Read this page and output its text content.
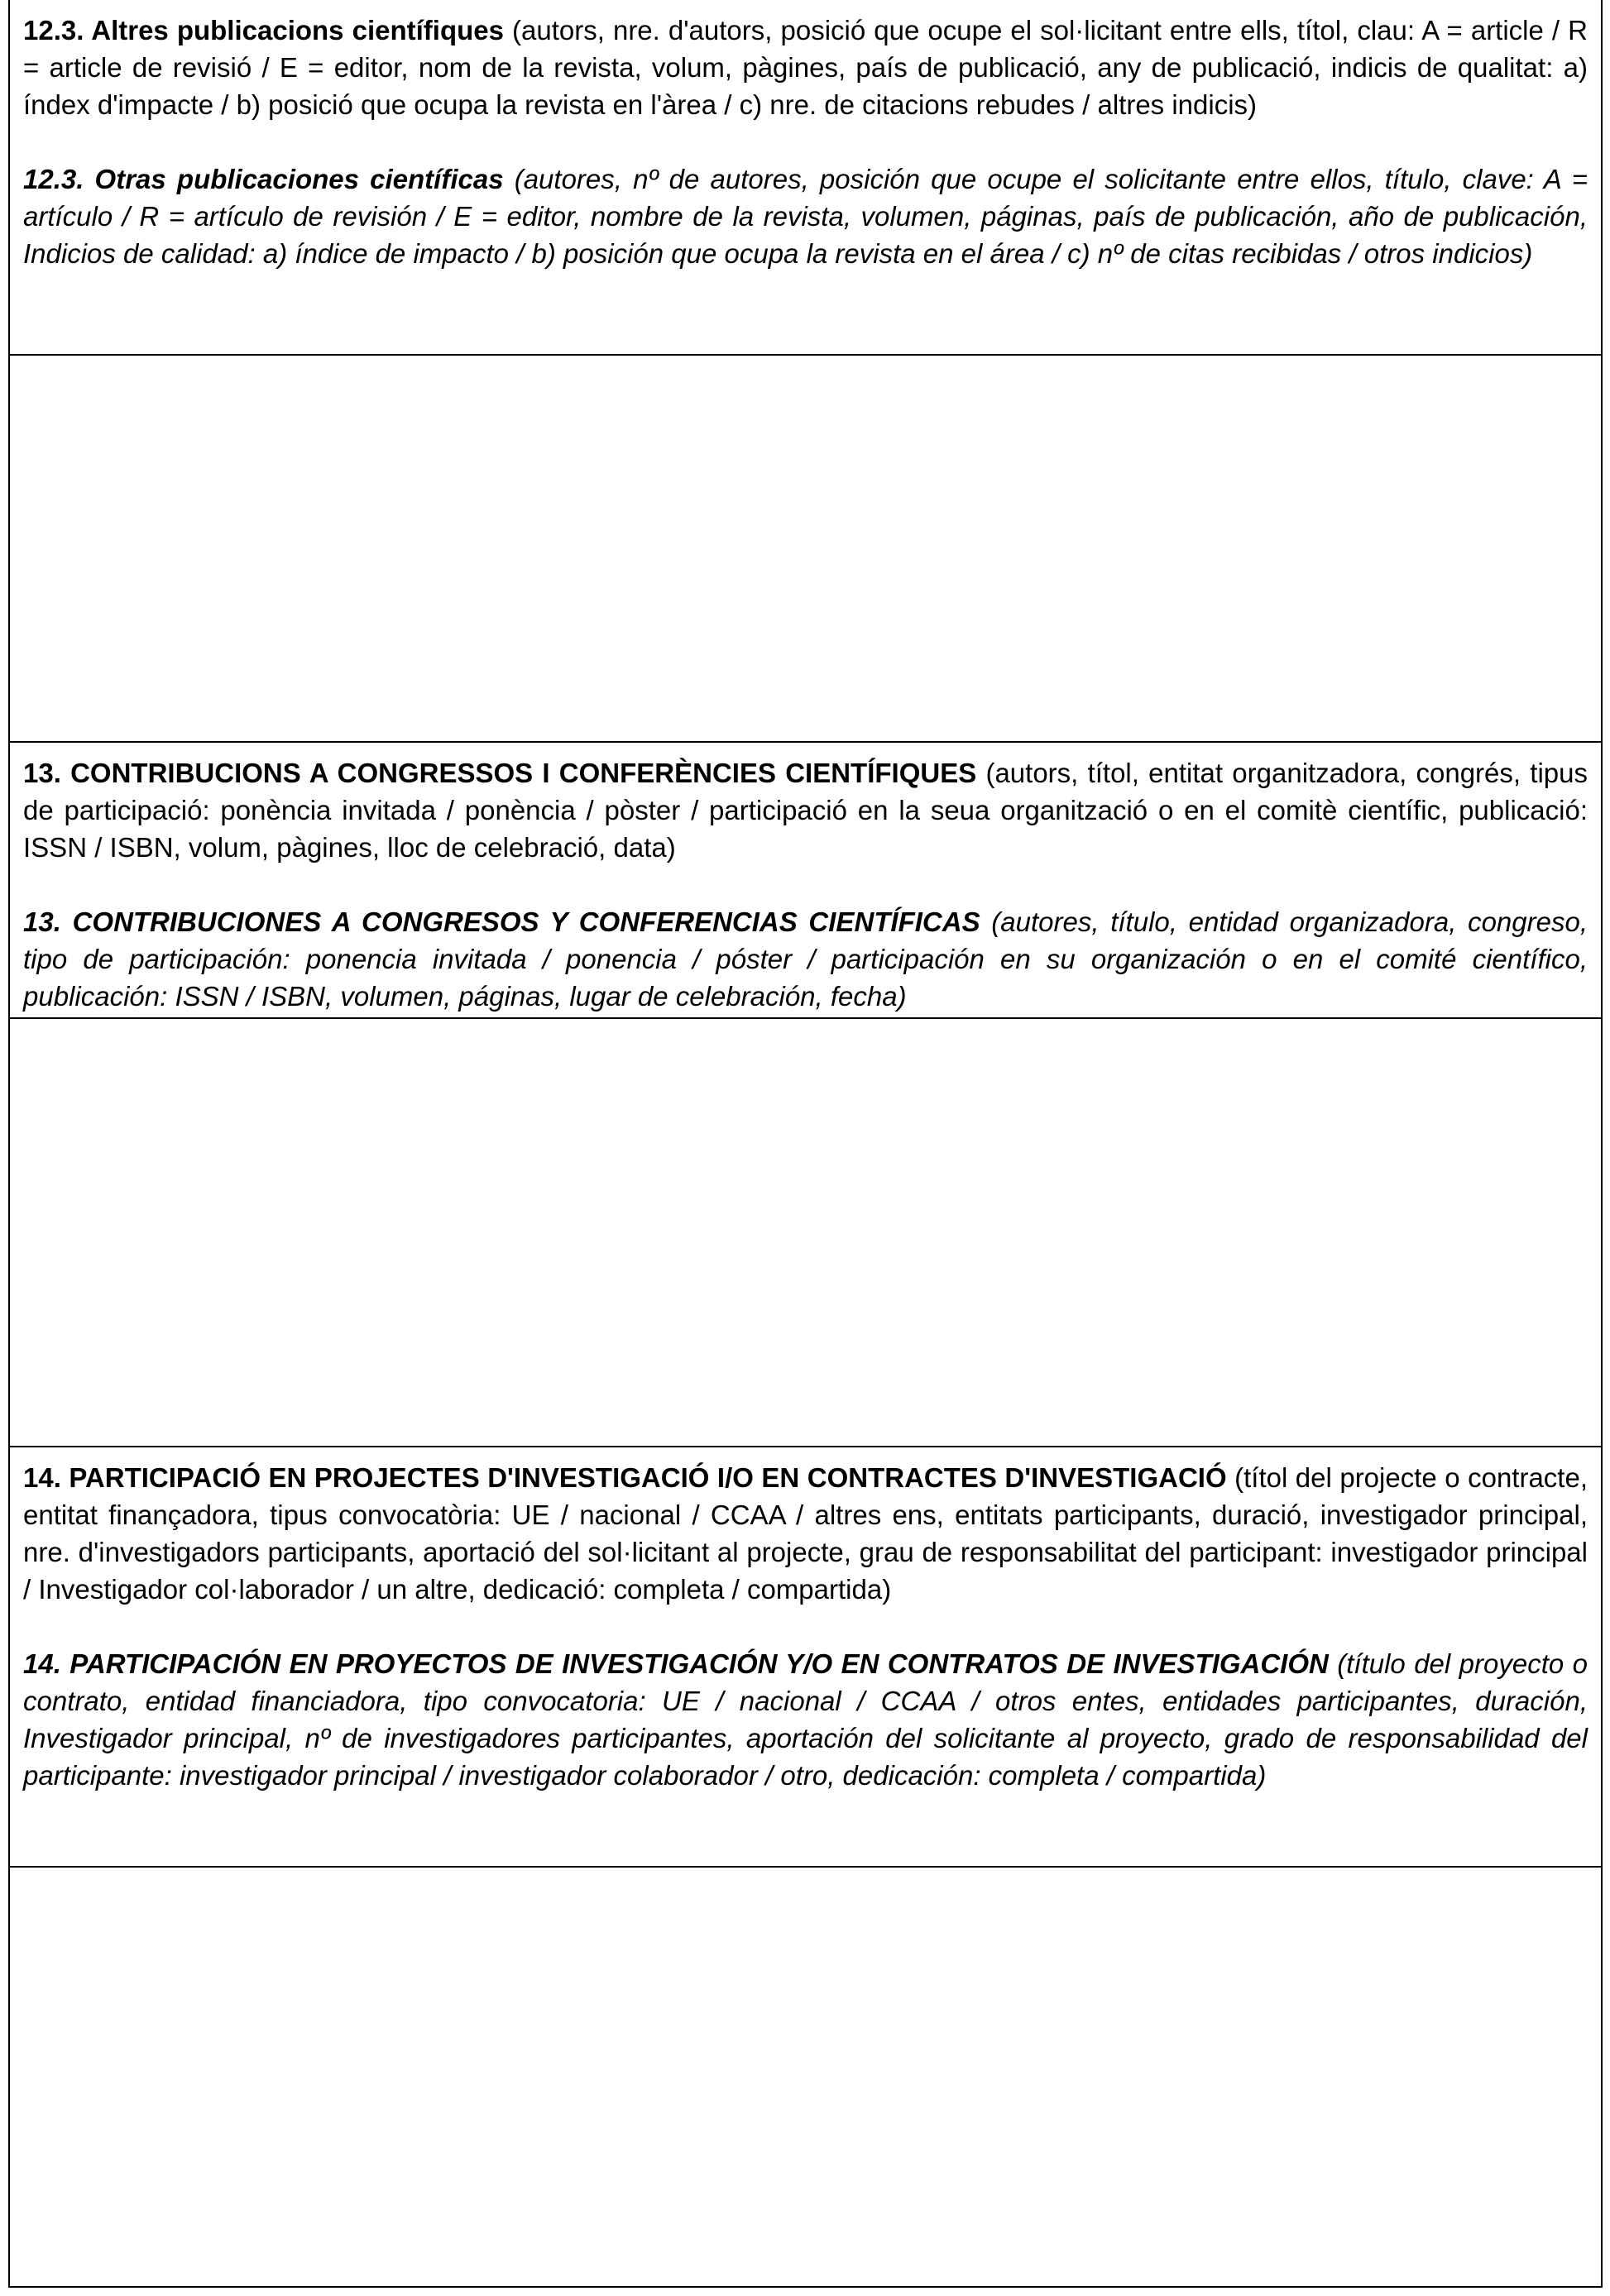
12.3. Altres publicacions científiques (autors, nre. d'autors, posició que ocupe el sol·licitant entre ells, títol, clau: A = article / R = article de revisió / E = editor, nom de la revista, volum, pàgines, país de publicació, any de publicació, indicis de qualitat: a) índex d'impacte / b) posició que ocupa la revista en l'àrea / c) nre. de citacions rebudes / altres indicis)

12.3. Otras publicaciones científicas (autores, nº de autores, posición que ocupe el solicitante entre ellos, título, clave: A = artículo / R = artículo de revisión / E = editor, nombre de la revista, volumen, páginas, país de publicación, año de publicación, Indicios de calidad: a) índice de impacto / b) posición que ocupa la revista en el área / c) nº de citas recibidas / otros indicios)

13. CONTRIBUCIONS A CONGRESSOS I CONFERÈNCIES CIENTÍFIQUES (autors, títol, entitat organitzadora, congrés, tipus de participació: ponència invitada / ponència / pòster / participació en la seua organització o en el comitè científic, publicació: ISSN / ISBN, volum, pàgines, lloc de celebració, data)

13. CONTRIBUCIONES A CONGRESOS Y CONFERENCIAS CIENTÍFICAS (autores, título, entidad organizadora, congreso, tipo de participación: ponencia invitada / ponencia / póster / participación en su organización o en el comité científico, publicación: ISSN / ISBN, volumen, páginas, lugar de celebración, fecha)

14. PARTICIPACIÓ EN PROJECTES D'INVESTIGACIÓ I/O EN CONTRACTES D'INVESTIGACIÓ (títol del projecte o contracte, entitat finançadora, tipus convocatòria: UE / nacional / CCAA / altres ens, entitats participants, duració, investigador principal, nre. d'investigadors participants, aportació del sol·licitant al projecte, grau de responsabilitat del participant: investigador principal / Investigador col·laborador / un altre, dedicació: completa / compartida)

14. PARTICIPACIÓN EN PROYECTOS DE INVESTIGACIÓN Y/O EN CONTRATOS DE INVESTIGACIÓN (título del proyecto o contrato, entidad financiadora, tipo convocatoria: UE / nacional / CCAA / otros entes, entidades participantes, duración, Investigador principal, nº de investigadores participantes, aportación del solicitante al proyecto, grado de responsabilidad del participante: investigador principal / investigador colaborador / otro, dedicación: completa / compartida)
